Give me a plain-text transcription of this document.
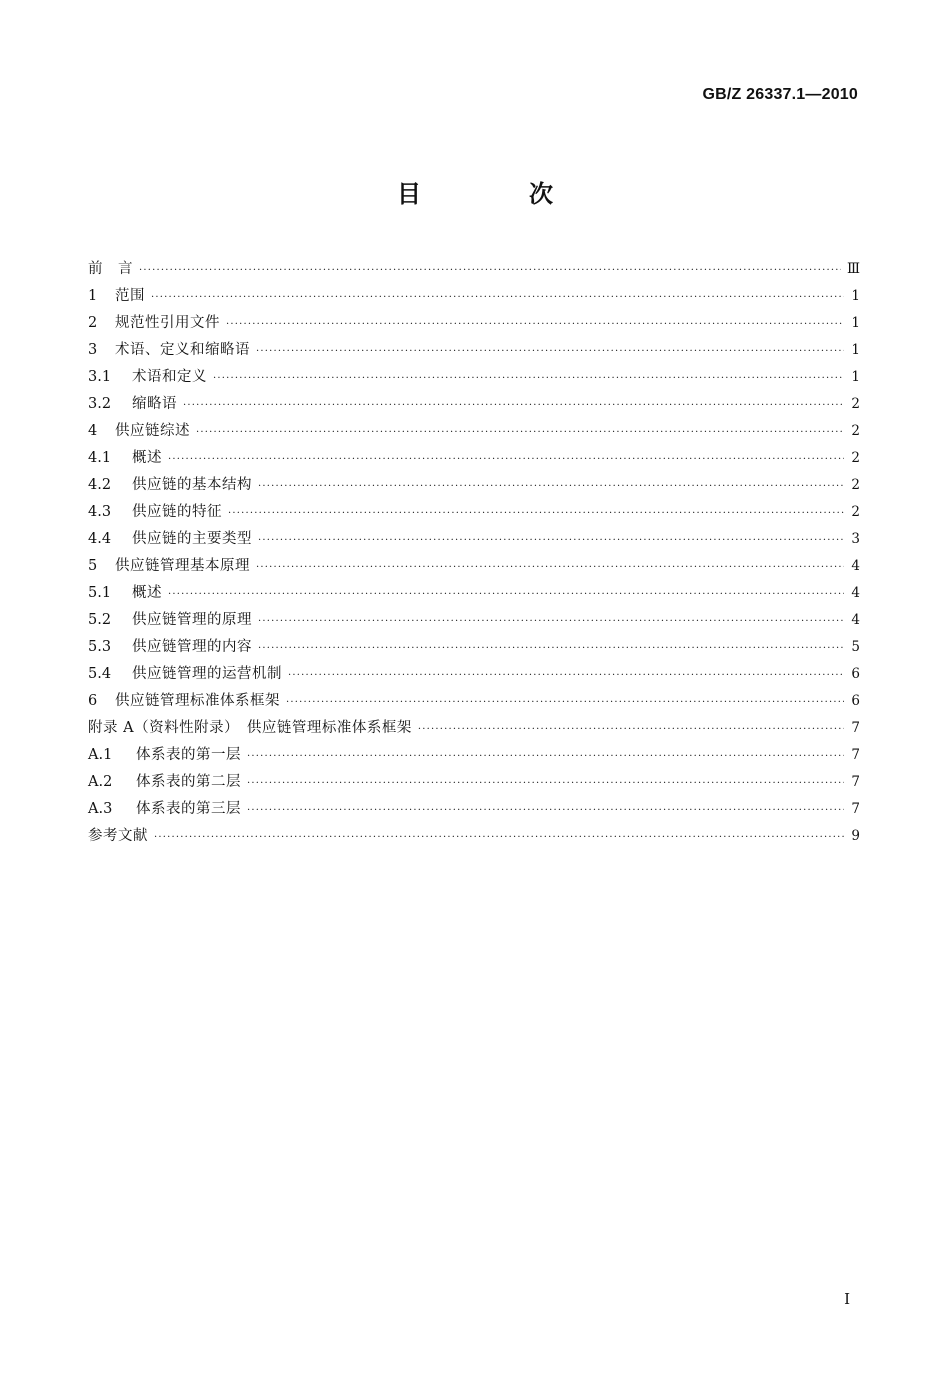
GB/Z 26337.1—2010
目　次
前　言 ·····	Ⅲ
1	范围 ·····	1
2	规范性引用文件 ·····	1
3	术语、定义和缩略语 ·····	1
3.1	术语和定义 ·····	1
3.2	缩略语 ·····	2
4	供应链综述 ·····	2
4.1	概述 ·····	2
4.2	供应链的基本结构 ·····	2
4.3	供应链的特征 ·····	2
4.4	供应链的主要类型 ·····	3
5	供应链管理基本原理 ·····	4
5.1	概述 ·····	4
5.2	供应链管理的原理 ·····	4
5.3	供应链管理的内容 ·····	5
5.4	供应链管理的运营机制 ·····	6
6	供应链管理标准体系框架 ·····	6
附录 A（资料性附录）　供应链管理标准体系框架 ·····	7
A.1	体系表的第一层 ·····	7
A.2	体系表的第二层 ·····	7
A.3	体系表的第三层 ·····	7
参考文献 ·····	9
I
